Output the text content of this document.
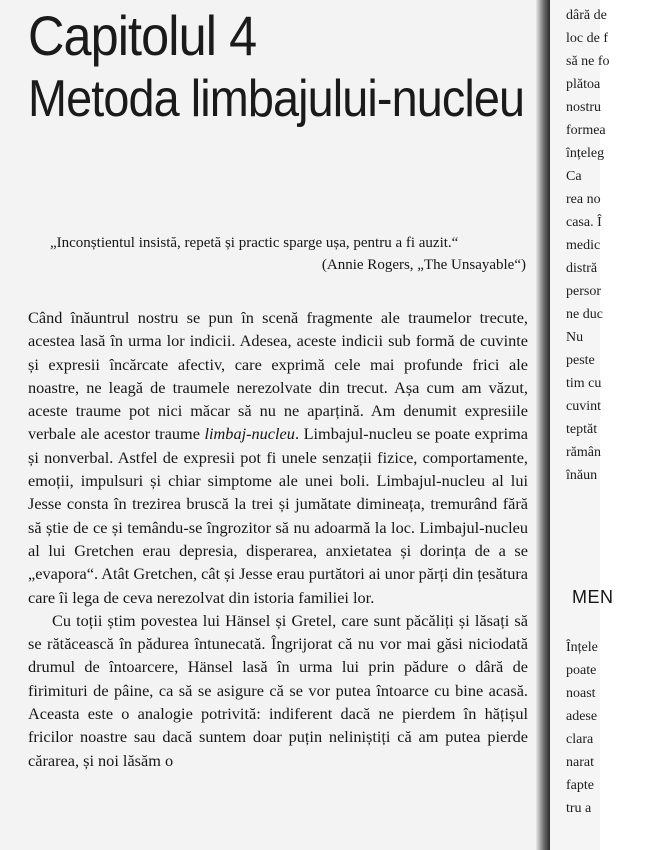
Capitolul 4
Metoda limbajului-nucleu

„Inconștientul insistă, repetă și practic sparge ușa, pentru a fi auzit.“

(Annie Rogers, „The Unsayable“)

Când înăuntrul nostru se pun în scenă fragmente ale traumelor trecute, acestea lasă în urma lor indicii. Adesea, aceste indicii sub formă de cuvinte și expresii încărcate afectiv, care exprimă cele mai profunde frici ale noastre, ne leagă de traumele nerezolvate din trecut. Așa cum am văzut, aceste traume pot nici măcar să nu ne aparțină. Am denumit expresiile verbale ale acestor traume limbaj-nucleu. Limbajul-nucleu se poate exprima și nonverbal. Astfel de expresii pot fi unele senzații fizice, comportamente, emoții, impulsuri și chiar simptome ale unei boli. Limbajul-nucleu al lui Jesse consta în trezirea bruscă la trei și jumătate dimineața, tremurând fără să știe de ce și temându-se îngrozitor să nu adoarmă la loc. Limbajul-nucleu al lui Gretchen erau depresia, disperarea, anxietatea și dorința de a se „evapora“. Atât Gretchen, cât și Jesse erau purtători ai unor părți din țesătura care îi lega de ceva nerezolvat din istoria familiei lor.

Cu toții știm povestea lui Hänsel și Gretel, care sunt păcăliți și lăsați să se rătăcească în pădurea întunecată. Îngrijorat că nu vor mai găsi niciodată drumul de întoarcere, Hänsel lasă în urma lui prin pădure o dâră de firimituri de pâine, ca să se asigure că se vor putea întoarce cu bine acasă. Aceasta este o analogie potrivită: indiferent dacă ne pierdem în hățișul fricilor noastre sau dacă suntem doar puțin neliniștiți că am putea pierde cărarea, și noi lăsăm o

dâră de
loc de f
să ne fo
plătoa
nostru
formea
înțeleg
Ca
rea no
casa. Î
medic
distră
persor
ne duc
Nu
peste
tim cu
cuvint
teptăt
rămân
înăun
MEN
Înțele
poate
noast
adese
clara
narat
fapte
tru a
